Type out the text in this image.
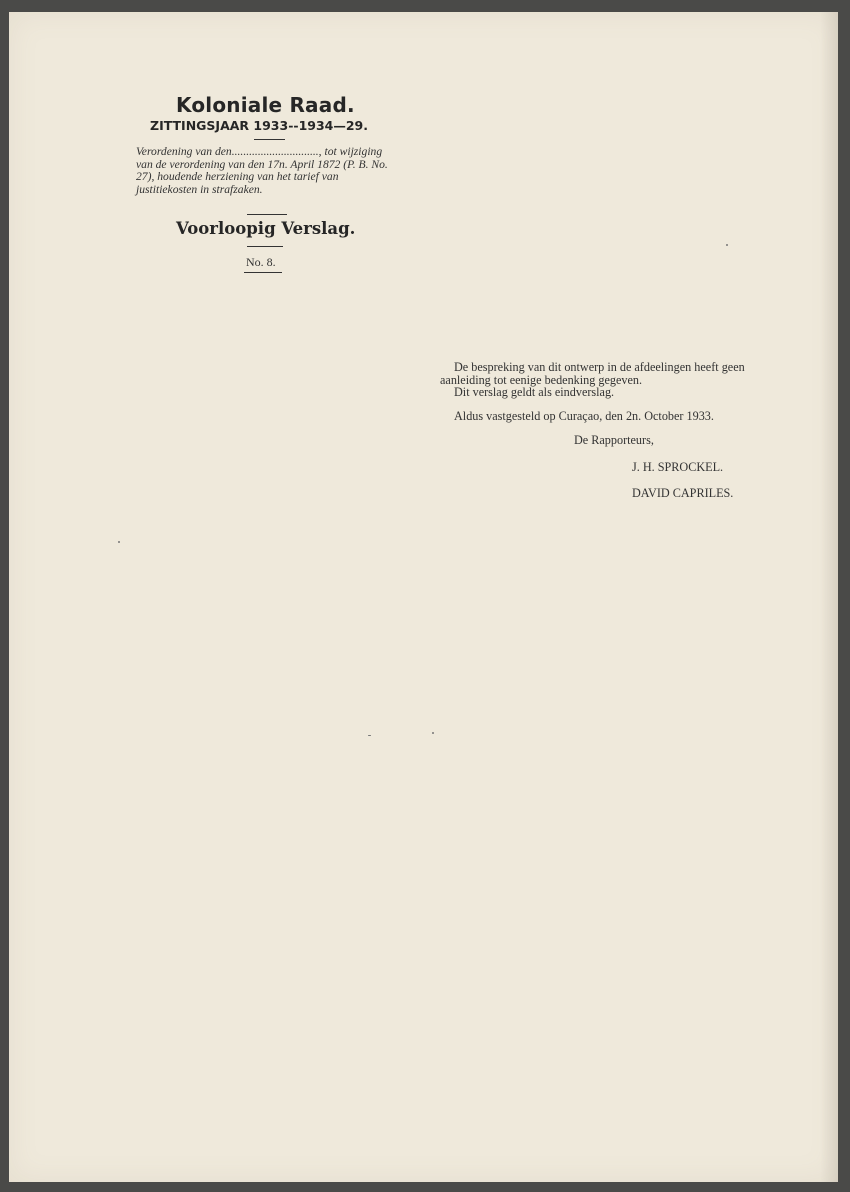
Koloniale Raad.
ZITTINGSJAAR 1933--1934—29.
Verordening van den.............................., tot wijziging van de verordening van den 17n. April 1872 (P. B. No. 27), houdende herziening van het tarief van justitiekosten in strafzaken.
Voorloopig Verslag.
No. 8.
De bespreking van dit ontwerp in de afdeelingen heeft geen
aanleiding tot eenige bedenking gegeven.
Dit verslag geldt als eindverslag.
Aldus vastgesteld op Curaçao, den 2n. October 1933.
De Rapporteurs,
J. H. SPROCKEL.
DAVID CAPRILES.
